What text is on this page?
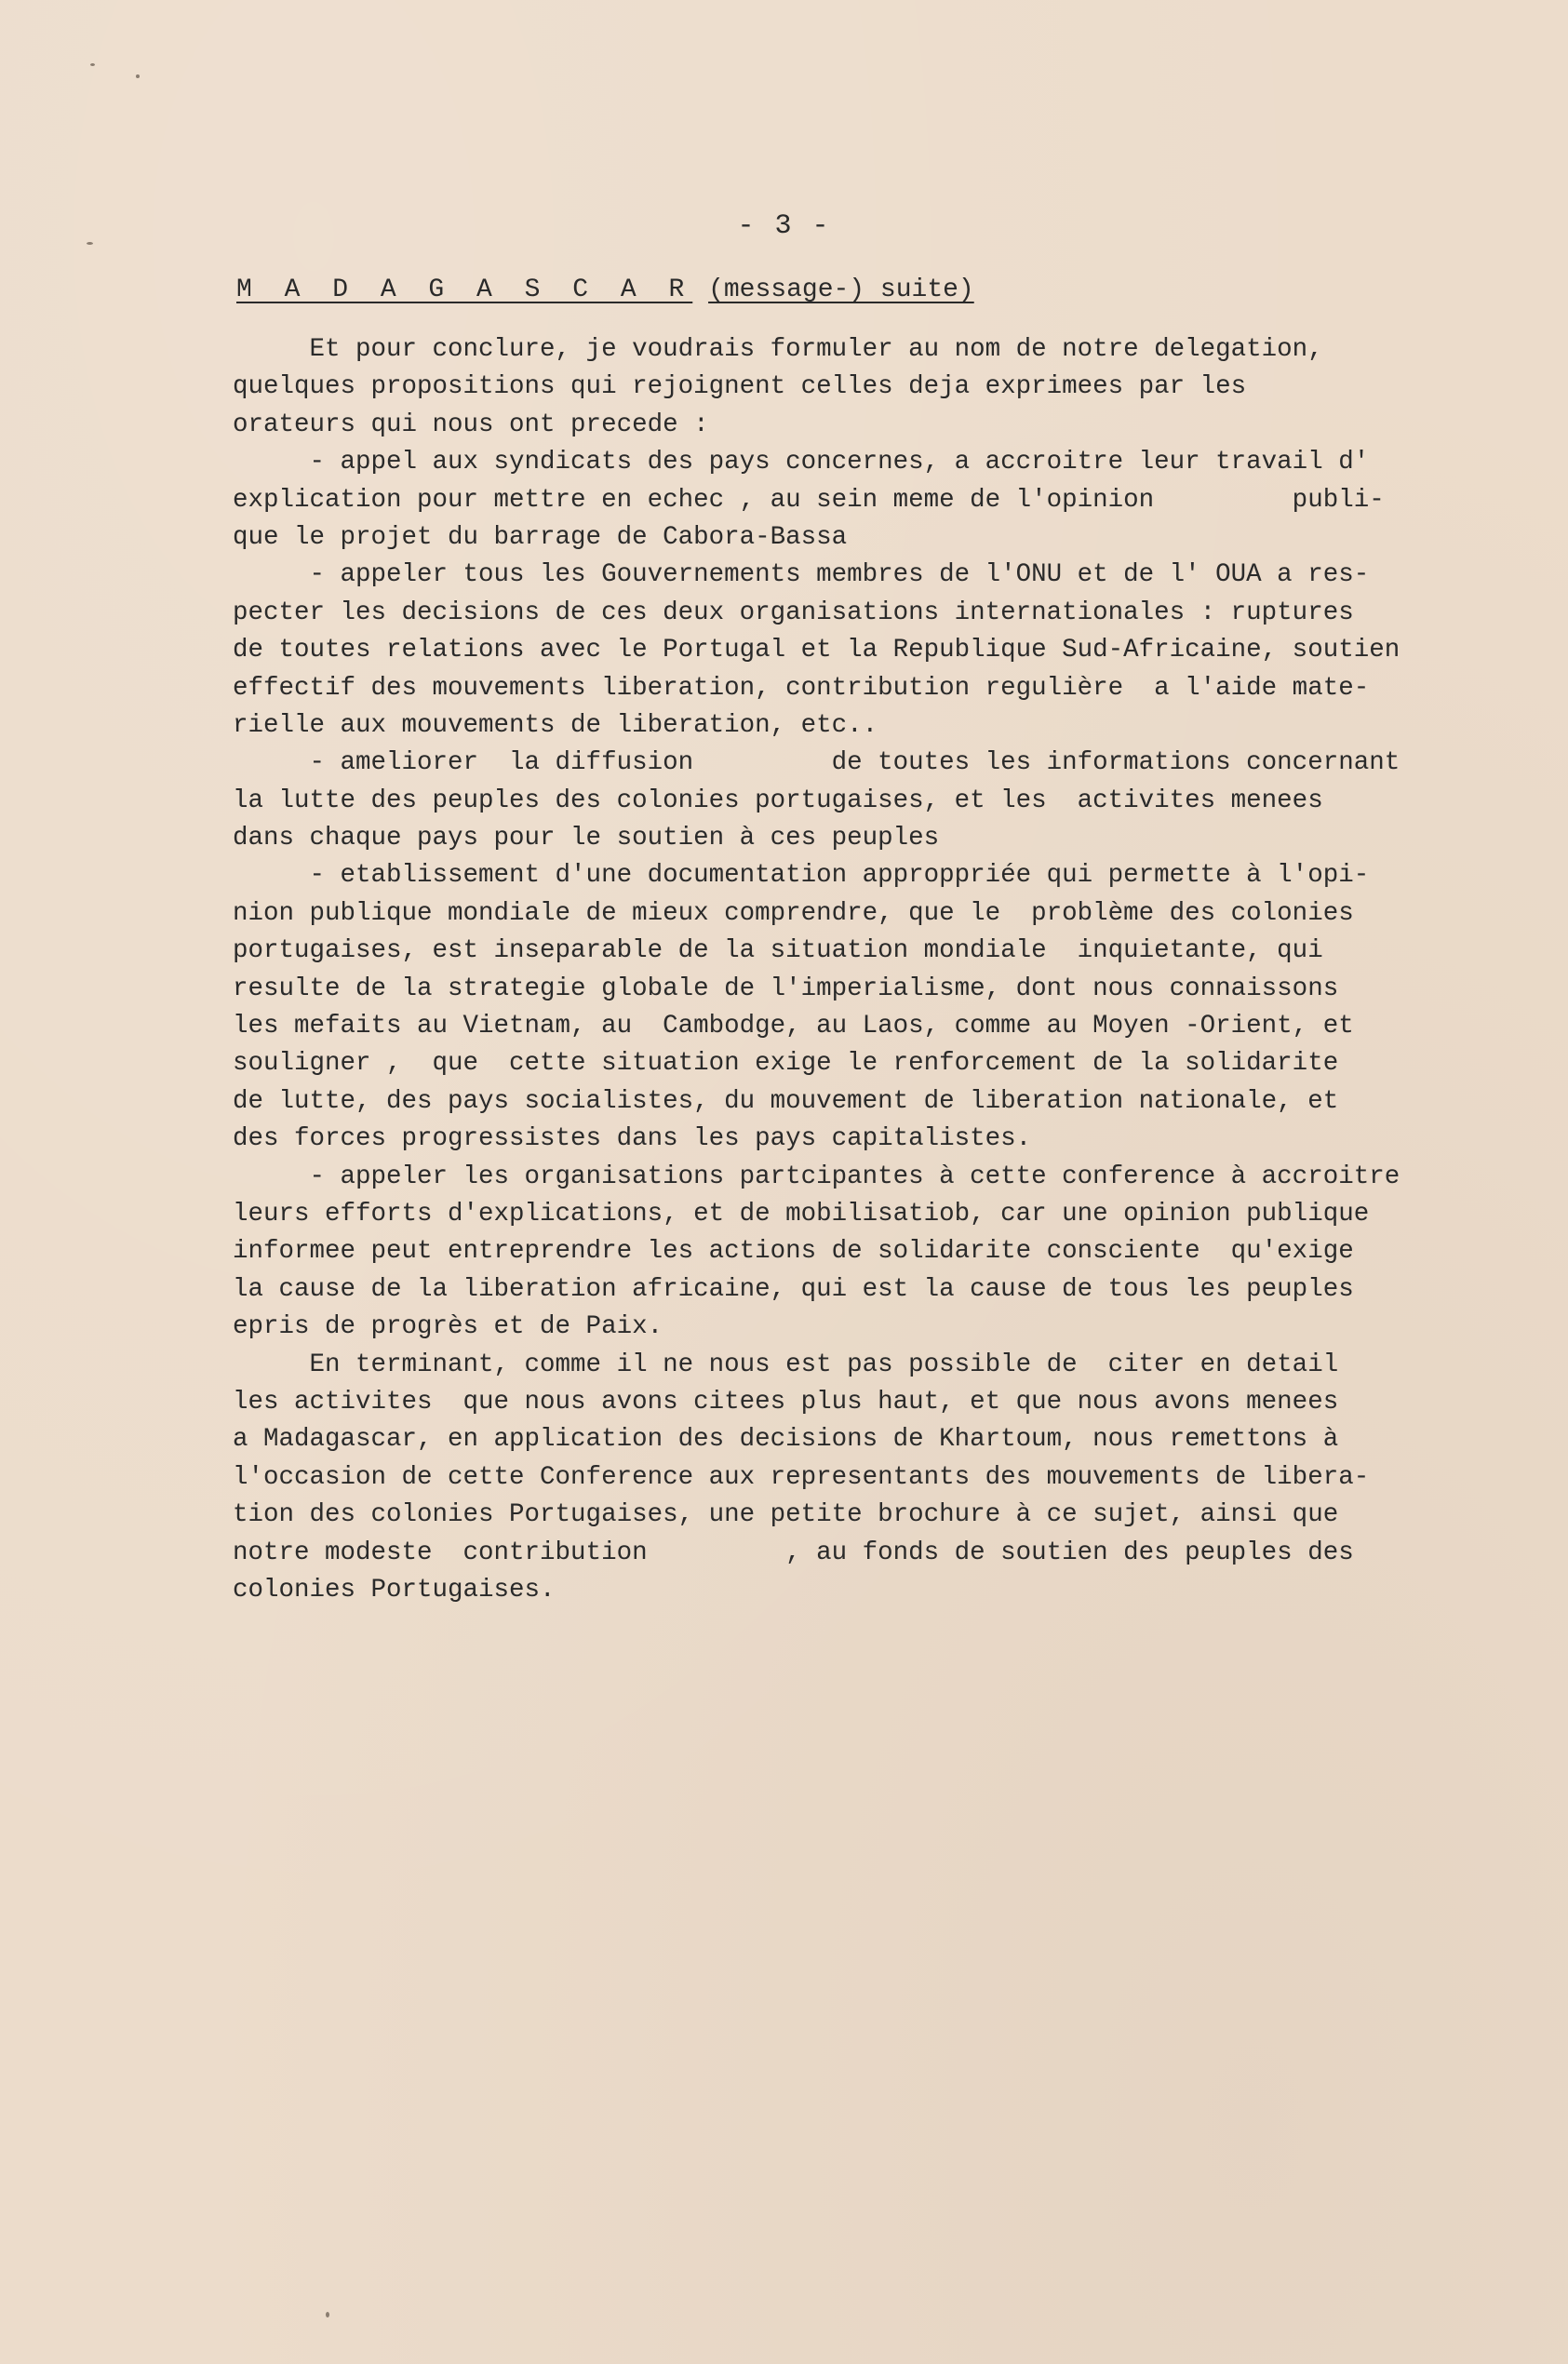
- 3 -
M A D A G A S C A R (message-) suite)
Et pour conclure, je voudrais formuler au nom de notre delegation,
quelques propositions qui rejoignent celles deja exprimees par les
orateurs qui nous ont precede :
- appel aux syndicats des pays concernes, a accroitre leur travail d'
explication pour mettre en echec , au sein meme de l'opinion         publi-
que le projet du barrage de Cabora-Bassa
- appeler tous les Gouvernements membres de l'ONU et de l' OUA a res-
pecter les decisions de ces deux organisations internationales : ruptures
de toutes relations avec le Portugal et la Republique Sud-Africaine, soutien
effectif des mouvements liberation, contribution regulière  a l'aide mate-
rielle aux mouvements de liberation, etc..
- ameliorer  la diffusion         de toutes les informations concernant
la lutte des peuples des colonies portugaises, et les  activites menees
dans chaque pays pour le soutien à ces peuples
- etablissement d'une documentation approppriée qui permette à l'opi-
nion publique mondiale de mieux comprendre, que le  problème des colonies
portugaises, est inseparable de la situation mondiale  inquietante, qui
resulte de la strategie globale de l'imperialisme, dont nous connaissons
les mefaits au Vietnam, au  Cambodge, au Laos, comme au Moyen -Orient, et
souligner ,  que  cette situation exige le renforcement de la solidarite
de lutte, des pays socialistes, du mouvement de liberation nationale, et
des forces progressistes dans les pays capitalistes.
- appeler les organisations partcipantes à cette conference à accroitre
leurs efforts d'explications, et de mobilisatiob, car une opinion publique
informee peut entreprendre les actions de solidarite consciente  qu'exige
la cause de la liberation africaine, qui est la cause de tous les peuples
epris de progrès et de Paix.
En terminant, comme il ne nous est pas possible de  citer en detail
les activites  que nous avons citees plus haut, et que nous avons menees
a Madagascar, en application des decisions de Khartoum, nous remettons à
l'occasion de cette Conference aux representants des mouvements de libera-
tion des colonies Portugaises, une petite brochure à ce sujet, ainsi que
notre modeste  contribution         , au fonds de soutien des peuples des
colonies Portugaises.
